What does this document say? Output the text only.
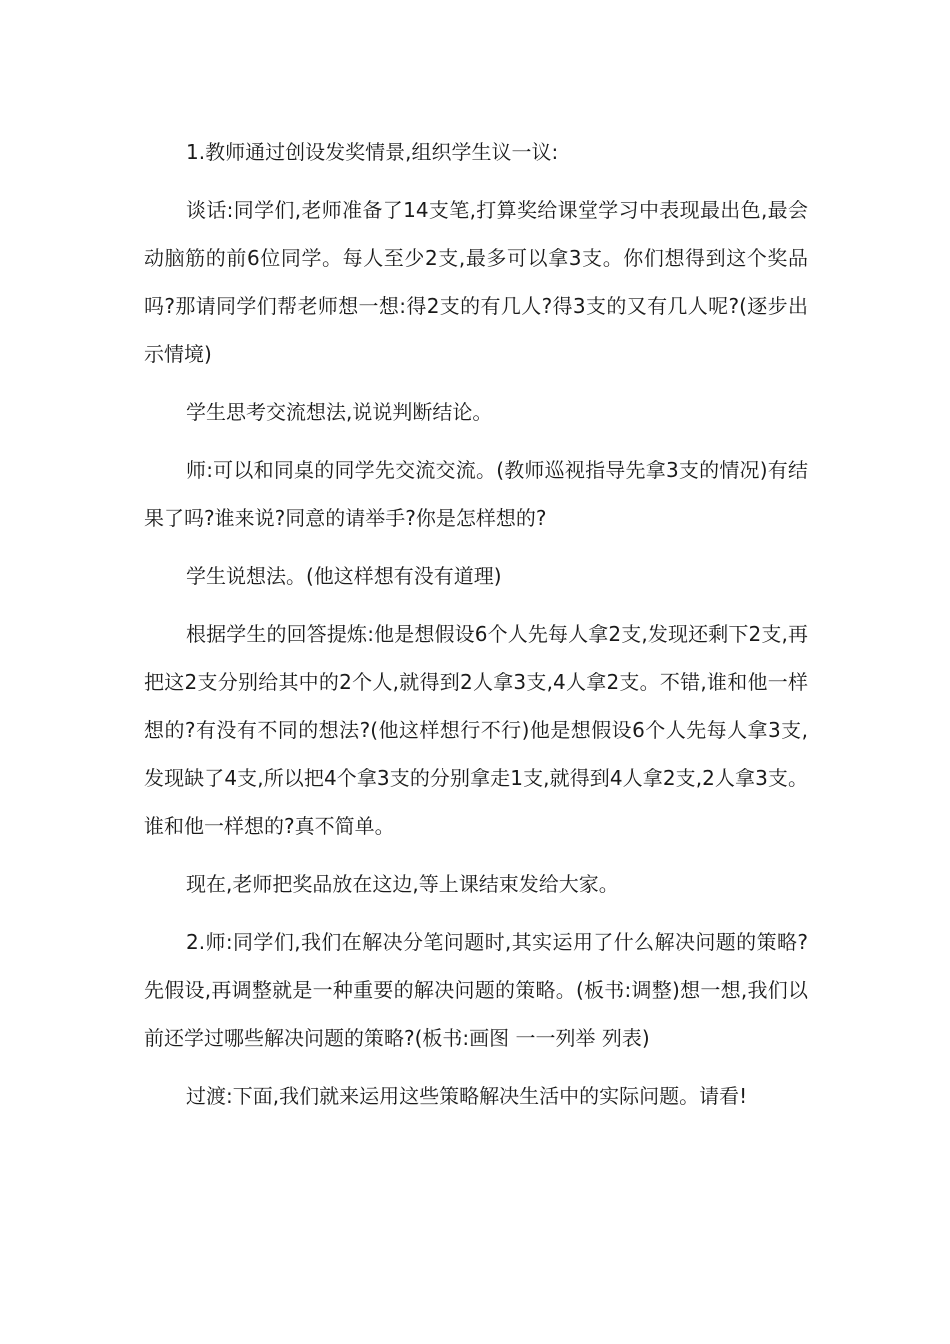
1.教师通过创设发奖情景,组织学生议一议:

谈话:同学们,老师准备了14支笔,打算奖给课堂学习中表现最出色,最会动脑筋的前6位同学。每人至少2支,最多可以拿3支。你们想得到这个奖品吗?那请同学们帮老师想一想:得2支的有几人?得3支的又有几人呢?(逐步出示情境)

学生思考交流想法,说说判断结论。

师:可以和同桌的同学先交流交流。(教师巡视指导先拿3支的情况)有结果了吗?谁来说?同意的请举手?你是怎样想的?

学生说想法。(他这样想有没有道理)

根据学生的回答提炼:他是想假设6个人先每人拿2支,发现还剩下2支,再把这2支分别给其中的2个人,就得到2人拿3支,4人拿2支。不错,谁和他一样想的?有没有不同的想法?(他这样想行不行)他是想假设6个人先每人拿3支,发现缺了4支,所以把4个拿3支的分别拿走1支,就得到4人拿2支,2人拿3支。谁和他一样想的?真不简单。

现在,老师把奖品放在这边,等上课结束发给大家。

2.师:同学们,我们在解决分笔问题时,其实运用了什么解决问题的策略?先假设,再调整就是一种重要的解决问题的策略。(板书:调整)想一想,我们以前还学过哪些解决问题的策略?(板书:画图 一一列举 列表)

过渡:下面,我们就来运用这些策略解决生活中的实际问题。请看!
